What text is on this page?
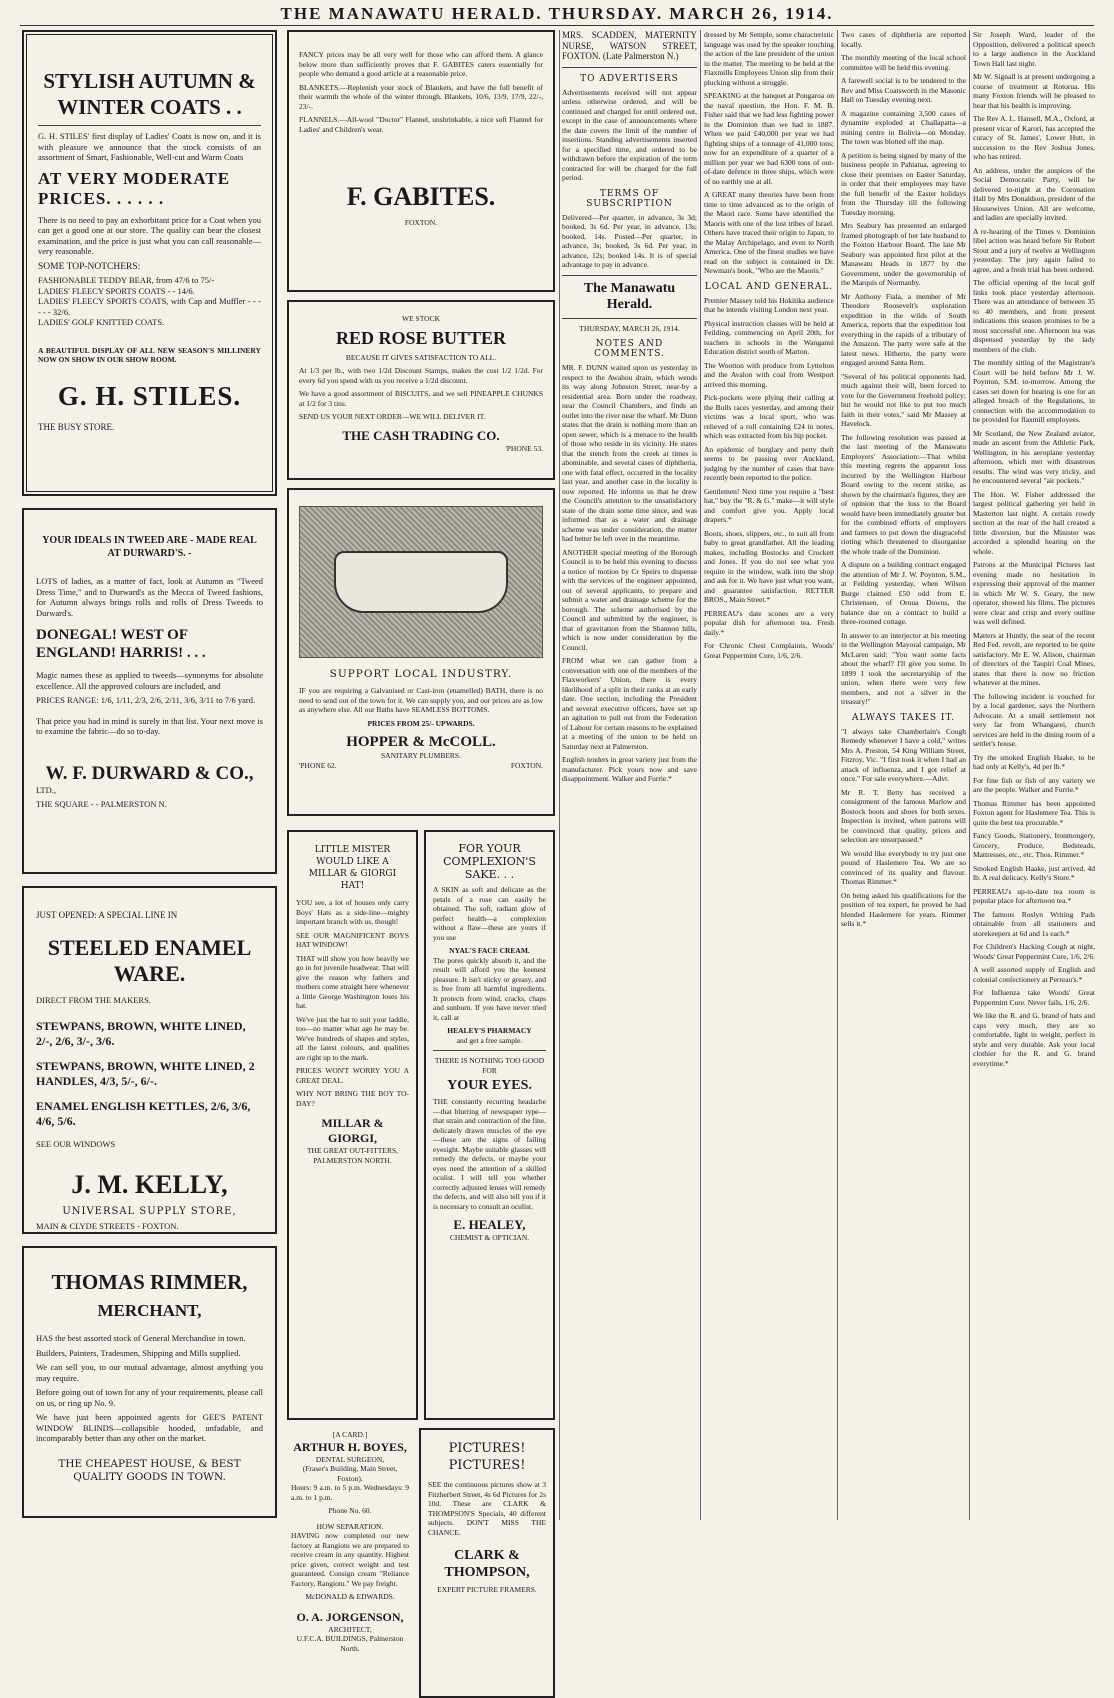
THE MANAWATU HERALD. THURSDAY. MARCH 26, 1914.
STYLISH AUTUMN & WINTER COATS . .

G. H. STILES' first display of Ladies' Coats is now on, and it is with pleasure we announce that the stock consists of an assortment of Smart, Fashionable, Well-cut and Warm Coats

AT VERY MODERATE PRICES. . . . . .

There is no need to pay an exhorbitant price for a Coat when you can get a good one at our store. The quality can bear the closest examination, and the price is just what you can call reasonable—very reasonable.

SOME TOP-NOTCHERS:
FASHIONABLE TEDDY BEAR, from 47/6 to 75/-
LADIES' FLEECY SPORTS COATS - - 14/6.
LADIES' FLEECY SPORTS COATS, with Cap and Muffler - - - - - - 32/6.
LADIES' GOLF KNITTED COATS.

A BEAUTIFUL DISPLAY OF ALL NEW SEASON'S MILLINERY NOW ON SHOW IN OUR SHOW ROOM.

G. H. STILES.
THE BUSY STORE.
YOUR IDEALS IN TWEED ARE - MADE REAL AT DURWARD'S. -

LOTS of ladies, as a matter of fact, look at Autumn as "Tweed Dress Time," and to Durward's as the Mecca of Tweed fashions, for Autumn always brings rolls and rolls of Dress Tweeds to Durward's.

DONEGAL! WEST OF ENGLAND! HARRIS! . . .

Magic names these as applied to tweeds—synonyms for absolute excellence. All the approved colours are included, and

PRICES RANGE: 1/6, 1/11, 2/3, 2/6, 2/11, 3/6, 3/11 to 7/6 yard.

That price you had in mind is surely in that list. Your next move is to examine the fabric—do so to-day.

W. F. DURWARD & CO.,
LTD.,
THE SQUARE - - PALMERSTON N.
JUST OPENED: A SPECIAL LINE IN
STEELED ENAMEL WARE.
DIRECT FROM THE MAKERS.
STEWPANS, BROWN, WHITE LINED, 2/-, 2/6, 3/-, 3/6.
STEWPANS, BROWN, WHITE LINED, 2 HANDLES, 4/3, 5/-, 6/-.
ENAMEL ENGLISH KETTLES, 2/6, 3/6, 4/6, 5/6.
SEE OUR WINDOWS
J. M. KELLY,
UNIVERSAL SUPPLY STORE,
MAIN & CLYDE STREETS - FOXTON.
THOMAS RIMMER,
MERCHANT,

HAS the best assorted stock of General Merchandise in town.

Builders, Painters, Tradesmen, Shipping and Mills supplied.

We can sell you, to our mutual advantage, almost anything you may require.

Before going out of town for any of your requirements, please call on us, or ring up No. 9.

We have just been appointed agents for GEE'S PATENT WINDOW BLINDS—collapsible hooded, unfadable, and incomparably better than any other on the market.

THE CHEAPEST HOUSE, & BEST QUALITY GOODS IN TOWN.

FANCY prices may be all very well for those who can afford them. A glance below more than sufficiently proves that F. GABITES caters essentially for people who demand a good article at a reasonable price.

BLANKETS.—Replenish your stock of Blankets, and have the full benefit of their warmth the whole of the winter through. Blankets, 10/6, 13/9, 17/9, 22/-, 23/-.

FLANNELS.—All-wool "Doctor" Flannel, unshrinkable, a nice soft Flannel for Ladies' and Children's wear.

F. GABITES.
FOXTON.
WE STOCK
RED ROSE BUTTER
BECAUSE IT GIVES SATISFACTION TO ALL.

At 1/3 per lb., with two 1/2d Discount Stamps, makes the cost 1/2 1/2d. For every 6d you spend with us you receive a 1/2d discount.

We have a good assortment of BISCUITS, and we sell PINEAPPLE CHUNKS at 1/2 for 3 tins.

SEND US YOUR NEXT ORDER—WE WILL DELIVER IT.

THE CASH TRADING CO.
'PHONE 53.
SUPPORT LOCAL INDUSTRY.

IF you are requiring a Galvanised or Cast-iron (enamelled) BATH, there is no need to send out of the town for it. We can supply you, and our prices are as low as anywhere else. All our Baths have SEAMLESS BOTTOMS.

PRICES FROM 25/- UPWARDS.
HOPPER & McCOLL.
SANITARY PLUMBERS.
'PHONE 62.	FOXTON.
LITTLE MISTER WOULD LIKE A MILLAR & GIORGI HAT!

YOU see, a lot of houses only carry Boys' Hats as a side-line—mighty important branch with us, though!

SEE OUR MAGNIFICENT BOYS HAT WINDOW!

THAT will show you how heavily we go in for juvenile headwear. That will give the reason why fathers and mothers come straight here whenever a little George Washington loses his hat.

We've just the hat to suit your laddie, too—no matter what age he may be. We've hundreds of shapes and styles, all the latest colours, and qualities are right up to the mark.

PRICES WON'T WORRY YOU A GREAT DEAL.

WHY NOT BRING THE BOY TO-DAY?

MILLAR & GIORGI,
THE GREAT OUT-FITTERS,
PALMERSTON NORTH.
FOR YOUR COMPLEXION'S SAKE. . .

A SKIN as soft and delicate as the petals of a rose can easily be obtained. The soft, radiant glow of perfect health—a complexion without a flaw—these are yours if you use

NYAL'S FACE CREAM.

The pores quickly absorb it, and the result will afford you the keenest pleasure. It isn't sticky or greasy, and is free from all harmful ingredients. It protects from wind, cracks, chaps and sunburn. If you have never tried it, call at

HEALEY'S PHARMACY
and get a free sample.
THERE IS NOTHING TOO GOOD FOR
YOUR EYES.

THE constantly recurring headache—that blurring of newspaper type—that strain and contraction of the fine, delicately drawn muscles of the eye—these are the signs of failing eyesight. Maybe suitable glasses will remedy the defects, or maybe your eyes need the attention of a skilled oculist. I will tell you whether correctly adjusted lenses will remedy the defects, and will also tell you if it is necessary to consult an oculist.

E. HEALEY,
CHEMIST & OPTICIAN.
[A CARD.]
ARTHUR H. BOYES,
DENTAL SURGEON,
(Fraser's Building, Main Street, Foxton).

Hours: 9 a.m. to 5 p.m. Wednesdays: 9 a.m. to 1 p.m.

Phone No. 60.
HOW SEPARATION.

HAVING now completed our new factory at Rangiotu we are prepared to receive cream in any quantity. Highest price given, correct weight and test guaranteed. Consign cream "Reliance Factory, Rangiotu." We pay freight.

McDONALD & EDWARDS.
O. A. JORGENSON,
ARCHITECT,
U.F.C.A. BUILDINGS, Palmerston North.
PICTURES! PICTURES!

SEE the continuous pictures show at 3 Fitzherbert Street, 4s 6d Pictures for 2s 10d. These are CLARK & THOMPSON'S Specials, 40 different subjects. DON'T MISS THE CHANCE.

CLARK & THOMPSON,
EXPERT PICTURE FRAMERS.

MRS. SCADDEN, MATERNITY NURSE, WATSON STREET, FOXTON. (Late Palmerston N.)

TO ADVERTISERS

Advertisements received will not appear unless otherwise ordered, and will be continued and charged for until ordered out, except in the case of announcements where the date covers the limit of the number of insertions. Standing advertisements inserted for a specified time, and ordered to be withdrawn before the expiration of the term contracted for will be charged for the full period.

TERMS OF SUBSCRIPTION

Delivered—Per quarter, in advance, 3s 3d; booked, 3s 6d. Per year, in advance, 13s; booked, 14s. Posted—Per quarter, in advance, 3s; booked, 3s 6d. Per year, in advance, 12s; booked 14s. It is of special advantage to pay in advance.

The Manawatu Herald.
THURSDAY, MARCH 26, 1914.
NOTES AND COMMENTS.

MR. F. DUNN waited upon us yesterday in respect to the Awahou drain, which wends its way along Johnston Street, near-by a residential area. Born under the roadway, near the Council Chambers, and finds an outlet into the river near the wharf. Mr Dunn states that the drain is nothing more than an open sewer, which is a menace to the health of those who reside in its vicinity. He states that the stench from the creek at times is abominable, and several cases of diphtheria, one with fatal effect, occurred in the locality last year, and another case in the locality is now reported. He informs us that he drew the Council's attention to the unsatisfactory state of the drain some time since, and was informed that as a water and drainage scheme was under consideration, the matter had better be left over in the meantime.

ANOTHER special meeting of the Borough Council is to be held this evening to discuss a notice of motion by Cr Speirs to dispense with the services of the engineer appointed, out of several applicants, to prepare and submit a water and drainage scheme for the borough. The scheme authorised by the Council and submitted by the engineer, is that of gravitation from the Shannon hills, which is now under consideration by the Council.

FROM what we can gather from a conversation with one of the members of the Flaxworkers' Union, there is every likelihood of a split in their ranks at an early date. One section, including the President and several executive officers, have set up an agitation to pull out from the Federation of Labour for certain reasons to be explained at a meeting of the union to be held on Saturday next at Palmerston.

English tenders in great variety just from the manufacturer. Pick yours now and save disappointment. Walker and Furrie.*

dressed by Mr Semple, some characteristic language was used by the speaker touching the action of the late president of the union in the matter. The meeting to be held at the Flaxmills Employees Union slip from their plucking without a struggle.

SPEAKING at the banquet at Pongaroa on the naval question, the Hon. F. M. B. Fisher said that we had less fighting power in the Dominion than we had in 1887. When we paid £40,000 per year we had fighting ships of a tonnage of 41,000 tons; now for an expenditure of a quarter of a million per year we had 6300 tons of out-of-date defence in three ships, which were of no earthly use at all.

A GREAT many theories have been from time to time advanced as to the origin of the Maori race. Some have identified the Maoris with one of the lost tribes of Israel. Others have traced their origin to Japan, to the Malay Archipelago, and even to North America. One of the finest studies we have read on the subject is contained in Dr. Newman's book, "Who are the Maoris."

LOCAL AND GENERAL.

Premier Massey told his Hokitika audience that he intends visiting London next year.

Physical instruction classes will be held at Feilding, commencing on April 20th, for teachers in schools in the Wanganui Education district south of Marton.

The Wootton with produce from Lyttelton and the Avalon with coal from Westport arrived this morning.

Pick-pockets were plying their calling at the Bulls races yesterday, and among their victims was a local sport, who was relieved of a roll containing £24 in notes, which was extracted from his hip pocket.

An epidemic of burglary and petty theft seems to be passing over Auckland, judging by the number of cases that have recently been reported to the police.

Gentlemen! Next time you require a "best hat," buy the "R. & G." make—it will style and comfort give you. Apply local drapers.*

Boots, shoes, slippers, etc., to suit all from baby to great grandfather. All the leading makes, including Bostocks and Crockett and Jones. If you do not see what you require in the window, walk into the shop and ask for it. We have just what you want, and guarantee satisfaction. RETTER BROS., Main Street.*

PERREAU's date scones are a very popular dish for afternoon tea. Fresh daily.*

For Chronic Chest Complaints, Woods' Great Peppermint Cure, 1/6, 2/6.

Two cases of diphtheria are reported locally.

The monthly meeting of the local school committee will be held this evening.

A farewell social is to be tendered to the Rev and Miss Coatsworth in the Masonic Hall on Tuesday evening next.

A magazine containing 3,500 cases of dynamite exploded at Challapatta—a mining centre in Bolivia—on Monday. The town was blotted off the map.

A petition is being signed by many of the business people in Pahiatua, agreeing to close their premises on Easter Saturday, in order that their employees may have the full benefit of the Easter holidays from the Thursday till the following Tuesday morning.

Mrs Seabury has presented an enlarged framed photograph of her late husband to the Foxton Harbour Board. The late Mr Seabury was appointed first pilot at the Manawatu Heads in 1877 by the Government, under the governorship of the Marquis of Normanby.

Mr Anthony Fiala, a member of Mr Theodore Roosevelt's exploration expedition in the wilds of South America, reports that the expedition lost everything in the rapids of a tributary of the Amazon. The party were safe at the latest news. Hitherto, the party were engaged around Santa Rem.

"Several of his political opponents had, much against their will, been forced to vote for the Government freehold policy; but he would not like to put too much faith in their votes," said Mr Massey at Havelock.

The following resolution was passed at the last meeting of the Manawatu Employers' Association:—That whilst this meeting regrets the apparent loss incurred by the Wellington Harbour Board owing to the recent strike, as shown by the chairman's figures, they are of opinion that the loss to the Board would have been immediately greater but for the combined efforts of employers and farmers to put down the disgraceful rioting which threatened to disorganise the whole trade of the Dominion.

A dispute on a building contract engaged the attention of Mr J. W. Poynton, S.M., at Feilding yesterday, when Wilson Burge claimed £50 odd from E. Christensen, of Oroua Downs, the balance due on a contract to build a three-roomed cottage.

In answer to an interjector at his meeting in the Wellington Mayoral campaign, Mr McLaren said: "You want some facts about the wharf? I'll give you some. In 1899 I took the secretaryship of the union, when there were very few members, and not a silver in the treasury!"

ALWAYS TAKES IT.

"I always take Chamberlain's Cough Remedy whenever I have a cold," writes Mrs A. Preston, 54 King William Street, Fitzroy, Vic. "I first took it when I had an attack of influenza, and I got relief at once." For sale everywhere.—Advt.

Mr R. T. Betty has received a consignment of the famous Marlow and Bostock boots and shoes for both sexes. Inspection is invited, when patrons will be convinced that quality, prices and selection are unsurpassed.*

We would like everybody to try just one pound of Haslemere Tea. We are so convinced of its quality and flavour. Thomas Rimmer.*

On being asked his qualifications for the position of tea expert, he proved he had blended Haslemere for years. Rimmer sells it.*

Sir Joseph Ward, leader of the Opposition, delivered a political speech to a large audience in the Auckland Town Hall last night.

Mr W. Signall is at present undergoing a course of treatment at Rotorua. His many Foxton friends will be pleased to hear that his health is improving.

The Rev A. L. Hansell, M.A., Oxford, at present vicar of Karori, has accepted the curacy of St. James', Lower Hutt, in succession to the Rev Joshua Jones, who has retired.

An address, under the auspices of the Social Democratic Party, will be delivered to-night at the Coronation Hall by Mrs Donaldson, president of the Housewives Union. All are welcome, and ladies are specially invited.

A re-hearing of the Times v. Dominion libel action was heard before Sir Robert Stout and a jury of twelve at Wellington yesterday. The jury again failed to agree, and a fresh trial has been ordered.

The official opening of the local golf links took place yesterday afternoon. There was an attendance of between 35 to 40 members, and from present indications this season promises to be a most successful one. Afternoon tea was dispensed yesterday by the lady members of the club.

The monthly sitting of the Magistrate's Court will be held before Mr J. W. Poynton, S.M. to-morrow. Among the cases set down for hearing is one for an alleged breach of the Regulations, in connection with the accommodation to be provided for flaxmill employees.

Mr Scotland, the New Zealand aviator, made an ascent from the Athletic Park, Wellington, in his aeroplane yesterday afternoon, which met with disastrous results. The wind was very tricky, and he encountered several "air pockets."

The Hon. W. Fisher addressed the largest political gathering yet held in Masterton last night. A certain rowdy section at the rear of the hall created a little diversion, but the Minister was accorded a splendid hearing on the whole.

Patrons at the Municipal Pictures last evening made no hesitation in expressing their approval of the manner in which Mr W. S. Geary, the new operator, showed his films. The pictures were clear and crisp and every outline was well defined.

Matters at Huntly, the seat of the recent Red Fed. revolt, are reported to be quite satisfactory. Mr E. W. Alison, chairman of directors of the Taupiri Coal Mines, states that there is now no friction whatever at the mines.

The following incident is vouched for by a local gardener, says the Northern Advocate. At a small settlement not very far from Whangarei, church services are held in the dining room of a settler's house.

Try the smoked English Haake, to be had only at Kelly's, 4d per lb.*

For fine fish or fish of any variety we are the people. Walker and Furrie.*

Thomas Rimmer has been appointed Foxton agent for Haslemere Tea. This is quite the best tea procurable.*

Fancy Goods, Stationery, Ironmongery, Grocery, Produce, Bedsteads, Mattresses, etc., etc. Thos. Rimmer.*

Smoked English Haake, just arrived, 4d lb. A real delicacy. Kelly's Store.*

PERREAU's up-to-date tea room is popular place for afternoon tea.*

The famous Roslyn Writing Pads obtainable from all stationers and storekeepers at 6d and 1s each.*

For Children's Hacking Cough at night, Woods' Great Peppermint Cure, 1/6, 2/6.

A well assorted supply of English and colonial confectionery at Perreau's.*

For Influenza take Woods' Great Peppermint Cure. Never fails, 1/6, 2/6.

We like the R. and G. brand of hats and caps very much, they are so comfortable, light in weight, perfect in style and very durable. Ask your local clothier for the R. and G. brand everytime.*
